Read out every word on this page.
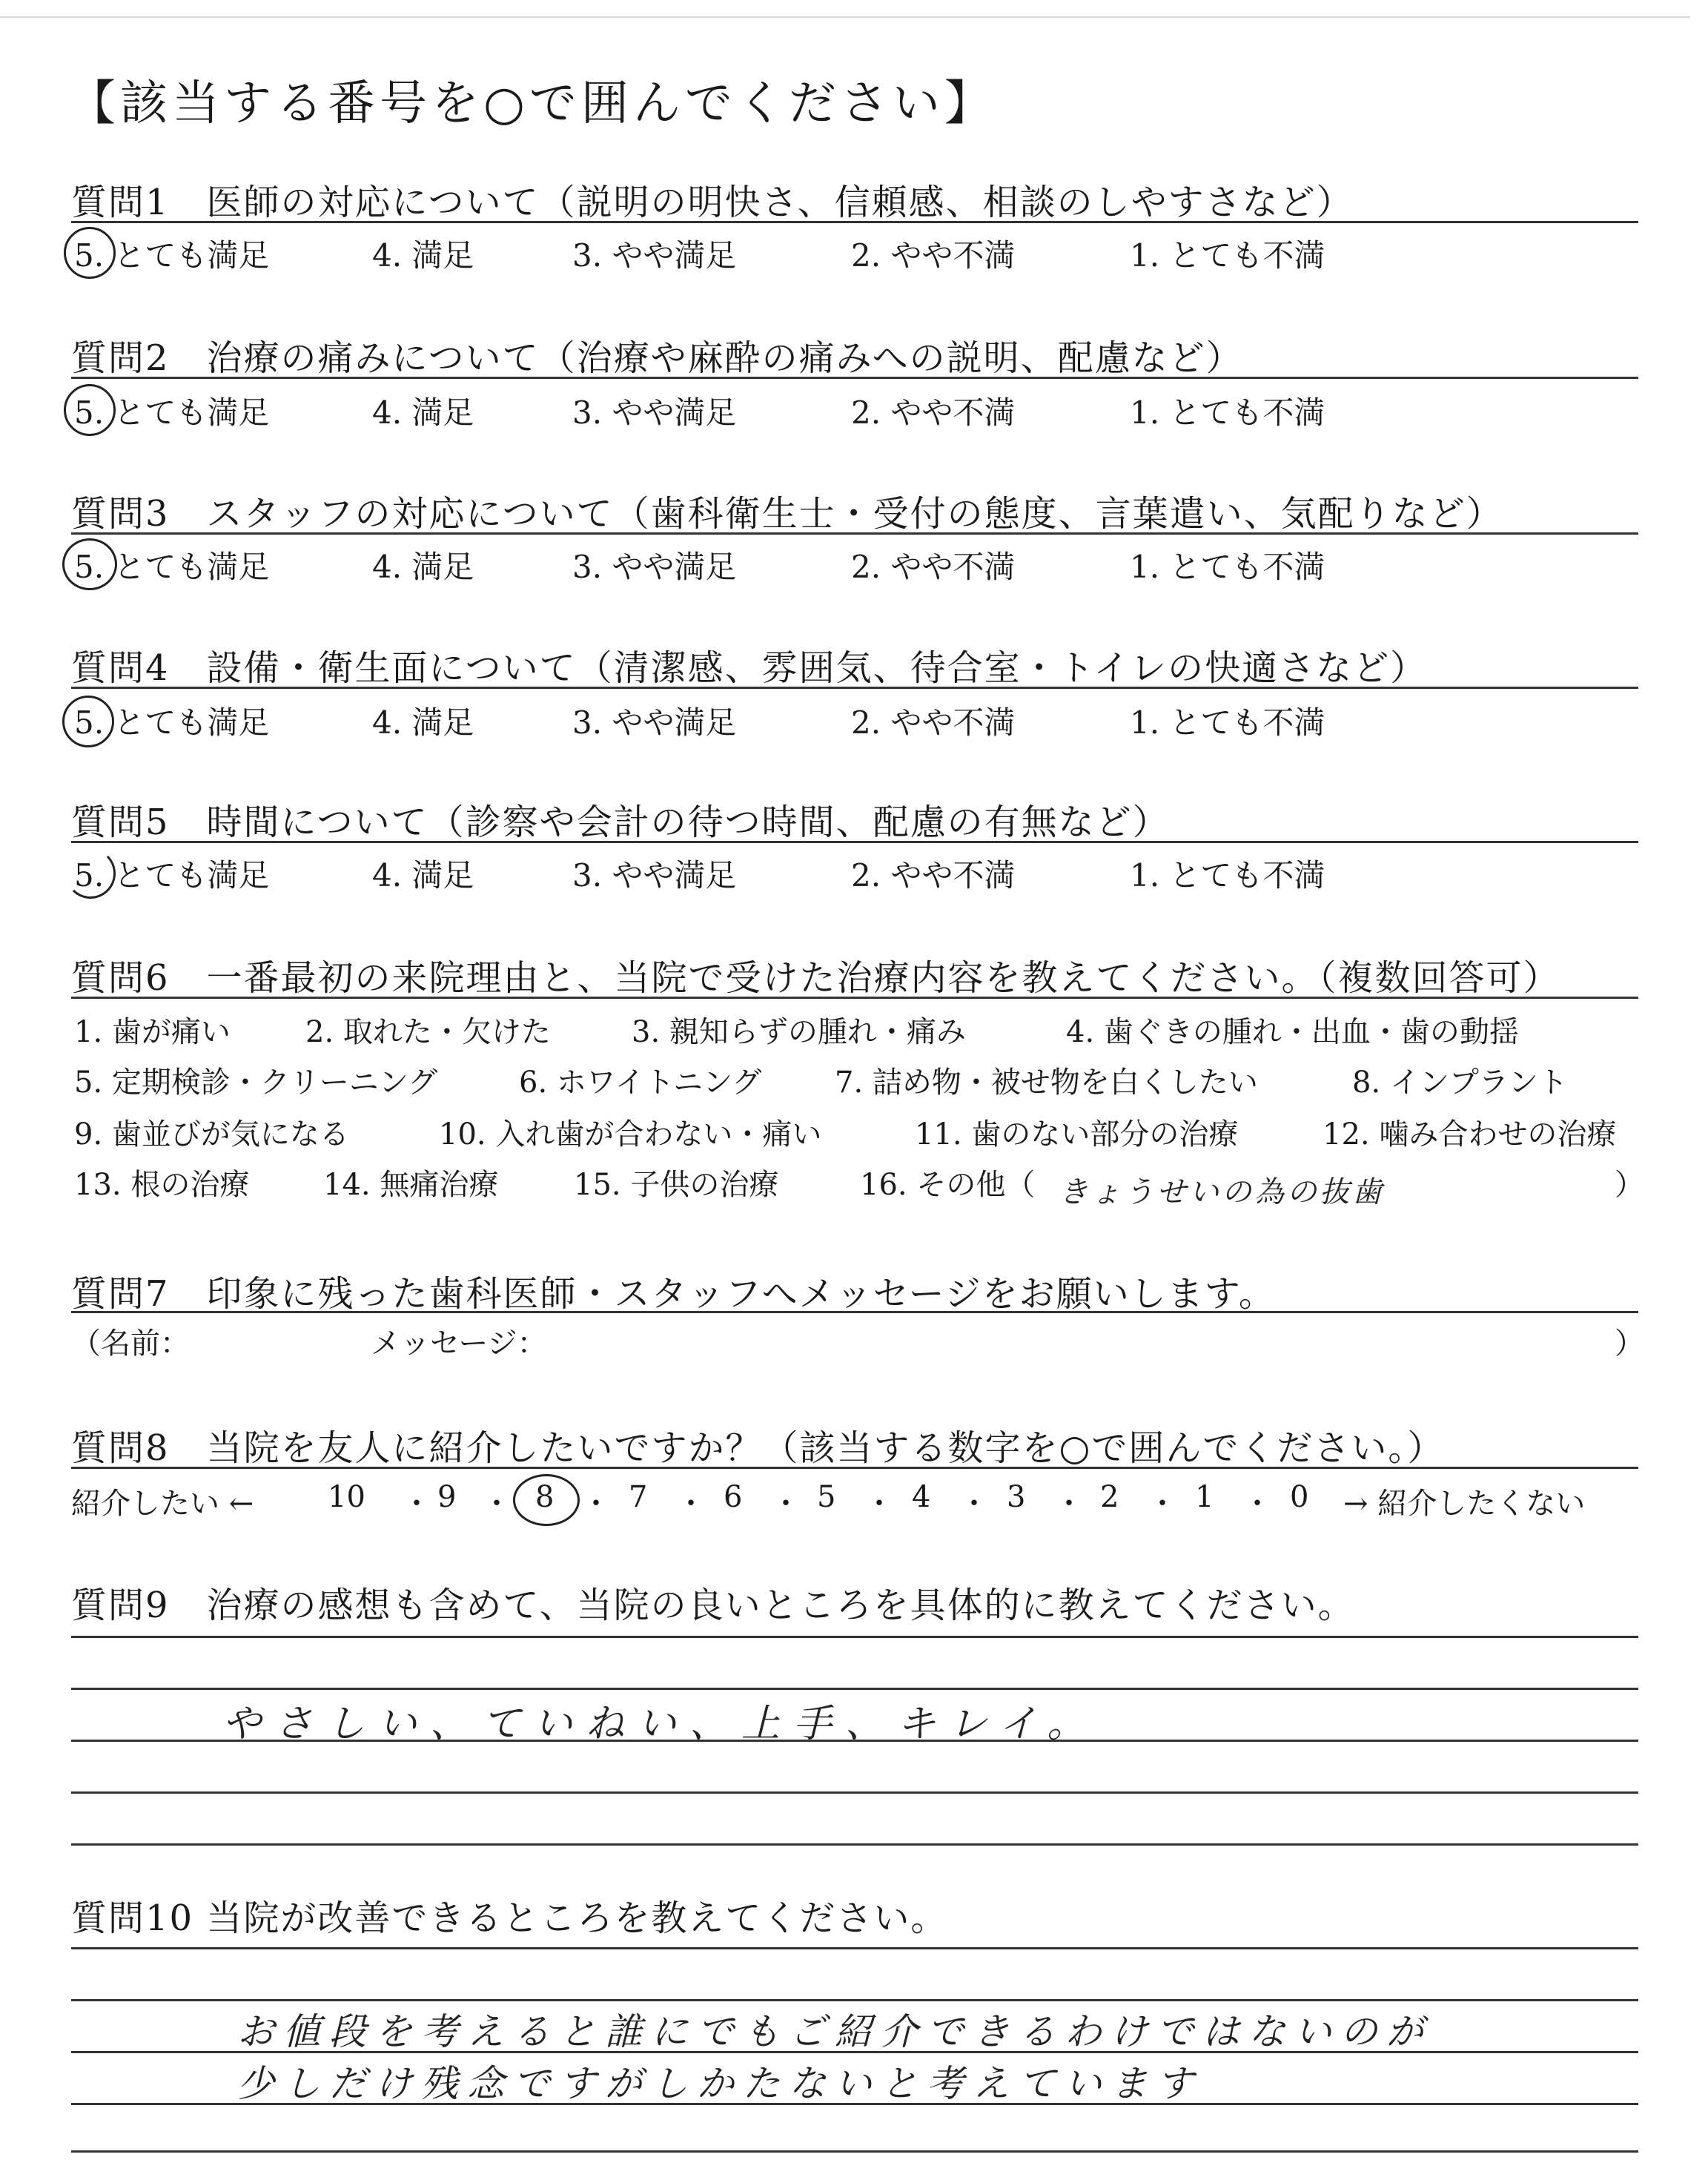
【該当する番号を○で囲んでください】
質問1　医師の対応について（説明の明快さ、信頼感、相談のしやすさなど）
5. とても満足	4. 満足	3. やや満足	2. やや不満	1. とても不満
質問2　治療の痛みについて（治療や麻酔の痛みへの説明、配慮など）
5. とても満足	4. 満足	3. やや満足	2. やや不満	1. とても不満
質問3　スタッフの対応について（歯科衛生士・受付の態度、言葉遣い、気配りなど）
5. とても満足	4. 満足	3. やや満足	2. やや不満	1. とても不満
質問4　設備・衛生面について（清潔感、雰囲気、待合室・トイレの快適さなど）
5. とても満足	4. 満足	3. やや満足	2. やや不満	1. とても不満
質問5　時間について（診察や会計の待つ時間、配慮の有無など）
5. とても満足	4. 満足	3. やや満足	2. やや不満	1. とても不満
質問6　一番最初の来院理由と、当院で受けた治療内容を教えてください。（複数回答可）
1. 歯が痛い	2. 取れた・欠けた	3. 親知らずの腫れ・痛み	4. 歯ぐきの腫れ・出血・歯の動揺
5. 定期検診・クリーニング	6. ホワイトニング 7. 詰め物・被せ物を白くしたい	8. インプラント
9. 歯並びが気になる	10. 入れ歯が合わない・痛い	11. 歯のない部分の治療	12. 噛み合わせの治療
13. 根の治療 14. 無痛治療	15. 子供の治療	16. その他（ きょうせいの為の抜歯	）
質問7　印象に残った歯科医師・スタッフへメッセージをお願いします。
（名前：	メッセージ：	）
質問8　当院を友人に紹介したいですか？（該当する数字を○で囲んでください。）
紹介したい ← 10 ・ 9 ・ 8 ・ 7 ・ 6 ・ 5 ・ 4 ・ 3 ・ 2 ・ 1 ・ 0 → 紹介したくない
質問9　治療の感想も含めて、当院の良いところを具体的に教えてください。
やさしい、ていねい、上手、キレイ。
質問10 当院が改善できるところを教えてください。
お値段を考えると誰にでもご紹介できるわけではないのが
少しだけ残念ですがしかたないと考えています
